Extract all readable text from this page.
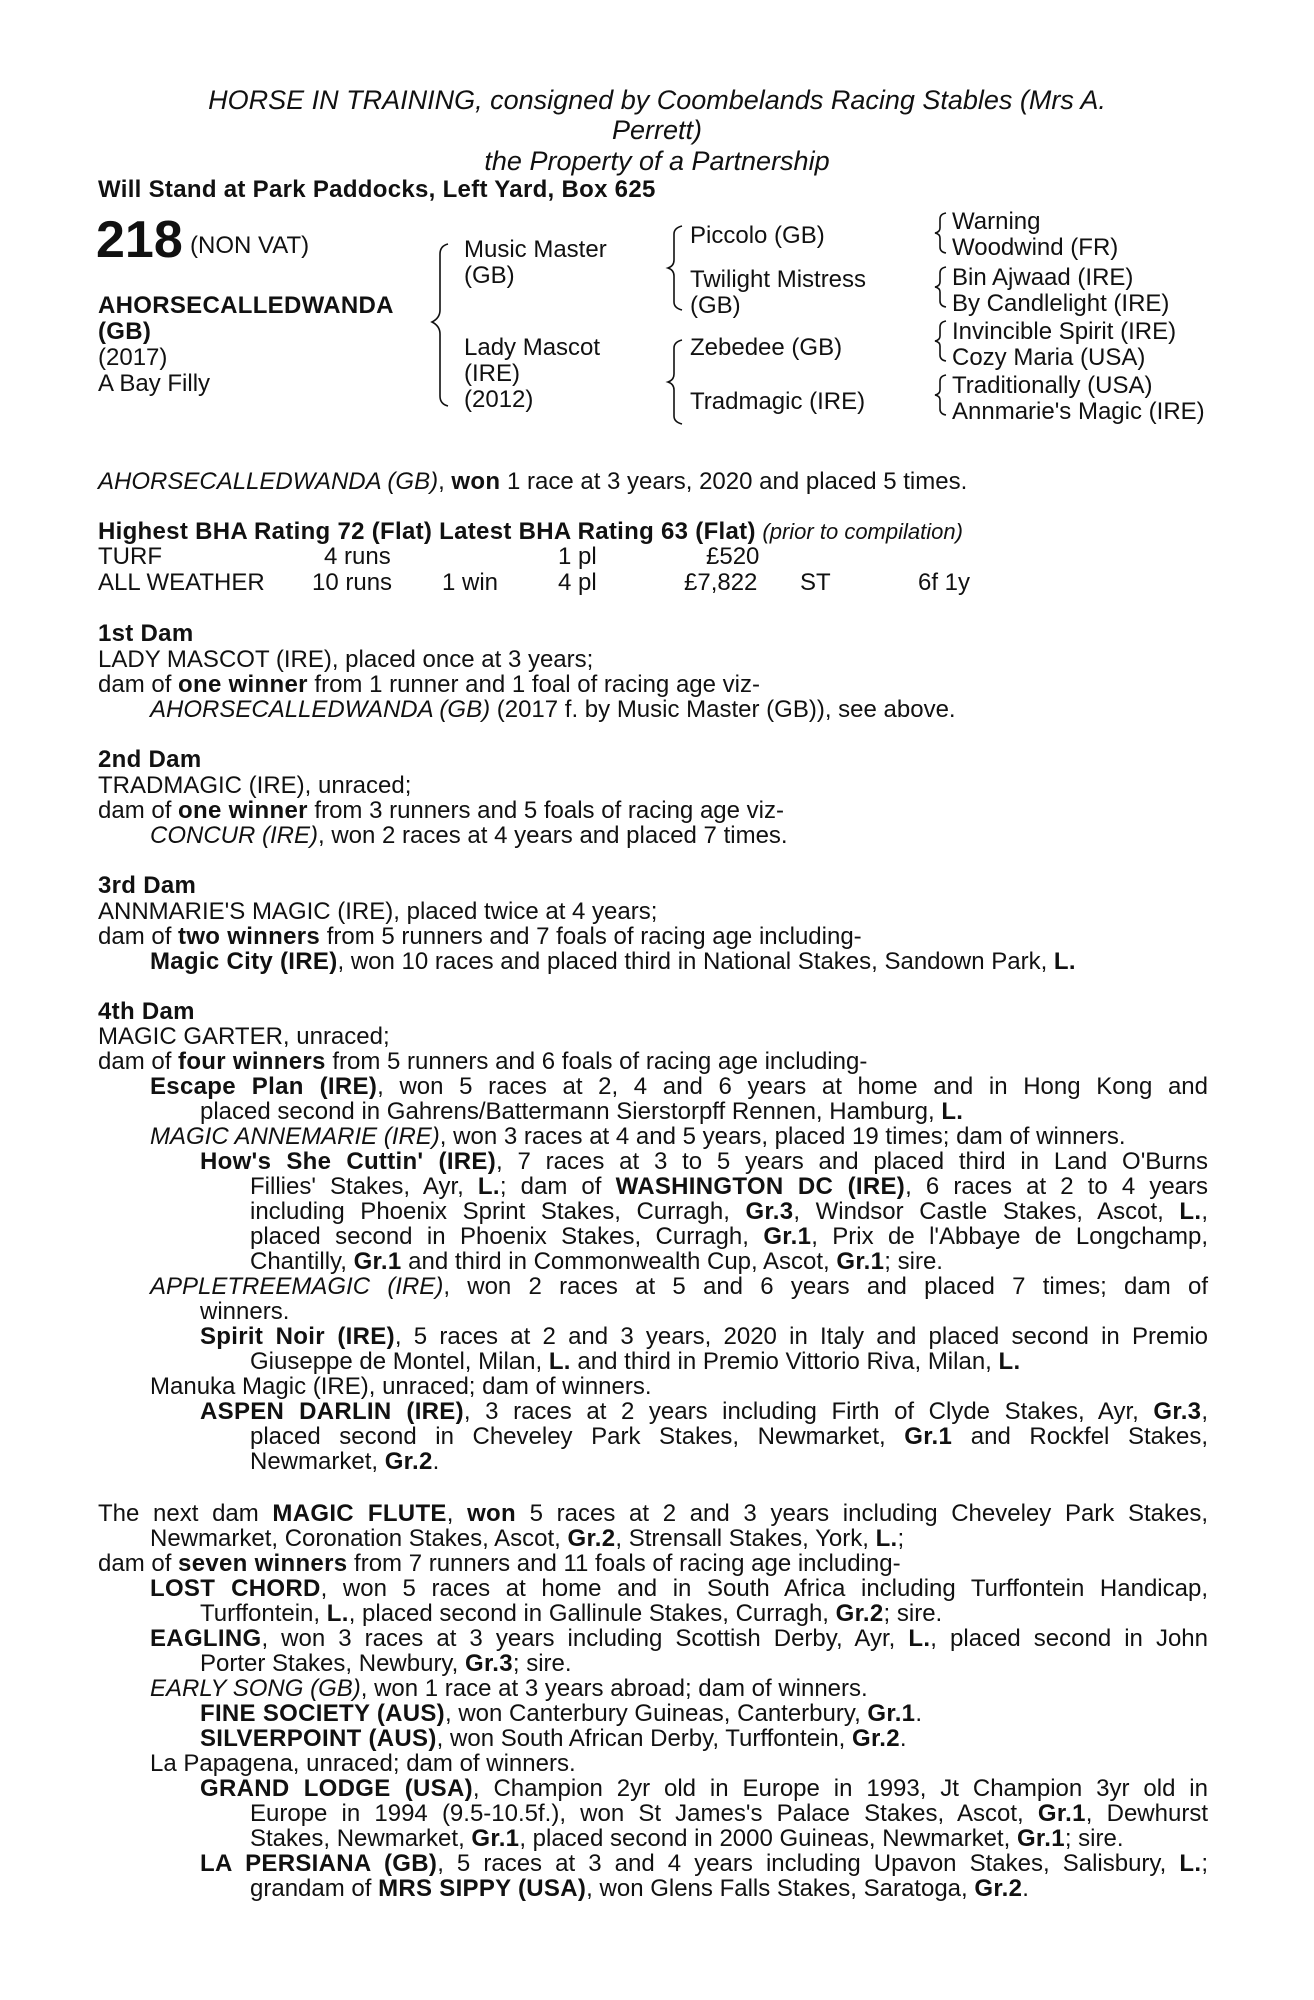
HORSE IN TRAINING, consigned by Coombelands Racing Stables (Mrs A.
Perrett)
the Property of a Partnership
Will Stand at Park Paddocks, Left Yard, Box 625
218 (NON VAT)
AHORSECALLEDWANDA
(GB)
(2017)
A Bay Filly
Music Master
(GB)
Lady Mascot
(IRE)
(2012)
Piccolo (GB)
Twilight Mistress
(GB)
Zebedee (GB)
Tradmagic (IRE)
Warning
Woodwind (FR)
Bin Ajwaad (IRE)
By Candlelight (IRE)
Invincible Spirit (IRE)
Cozy Maria (USA)
Traditionally (USA)
Annmarie's Magic (IRE)
AHORSECALLEDWANDA (GB), won 1 race at 3 years, 2020 and placed 5 times.
Highest BHA Rating 72 (Flat) Latest BHA Rating 63 (Flat) (prior to compilation)
TURF	4 runs	1 pl	£520
ALL WEATHER 10 runs 1 win 4 pl	£7,822 ST	6f 1y
1st Dam
LADY MASCOT (IRE), placed once at 3 years;
dam of one winner from 1 runner and 1 foal of racing age viz-
AHORSECALLEDWANDA (GB) (2017 f. by Music Master (GB)), see above.
2nd Dam
TRADMAGIC (IRE), unraced;
dam of one winner from 3 runners and 5 foals of racing age viz-
CONCUR (IRE), won 2 races at 4 years and placed 7 times.
3rd Dam
ANNMARIE'S MAGIC (IRE), placed twice at 4 years;
dam of two winners from 5 runners and 7 foals of racing age including-
Magic City (IRE), won 10 races and placed third in National Stakes, Sandown Park, L.
4th Dam
MAGIC GARTER, unraced;
dam of four winners from 5 runners and 6 foals of racing age including-
Escape Plan (IRE), won 5 races at 2, 4 and 6 years at home and in Hong Kong and
placed second in Gahrens/Battermann Sierstorpff Rennen, Hamburg, L.
MAGIC ANNEMARIE (IRE), won 3 races at 4 and 5 years, placed 19 times; dam of winners.
How's She Cuttin' (IRE), 7 races at 3 to 5 years and placed third in Land O'Burns
Fillies' Stakes, Ayr, L.; dam of WASHINGTON DC (IRE), 6 races at 2 to 4 years
including Phoenix Sprint Stakes, Curragh, Gr.3, Windsor Castle Stakes, Ascot, L.,
placed second in Phoenix Stakes, Curragh, Gr.1, Prix de l'Abbaye de Longchamp,
Chantilly, Gr.1 and third in Commonwealth Cup, Ascot, Gr.1; sire.
APPLETREEMAGIC (IRE), won 2 races at 5 and 6 years and placed 7 times; dam of
winners.
Spirit Noir (IRE), 5 races at 2 and 3 years, 2020 in Italy and placed second in Premio
Giuseppe de Montel, Milan, L. and third in Premio Vittorio Riva, Milan, L.
Manuka Magic (IRE), unraced; dam of winners.
ASPEN DARLIN (IRE), 3 races at 2 years including Firth of Clyde Stakes, Ayr, Gr.3,
placed second in Cheveley Park Stakes, Newmarket, Gr.1 and Rockfel Stakes,
Newmarket, Gr.2.
The next dam MAGIC FLUTE, won 5 races at 2 and 3 years including Cheveley Park Stakes,
Newmarket, Coronation Stakes, Ascot, Gr.2, Strensall Stakes, York, L.;
dam of seven winners from 7 runners and 11 foals of racing age including-
LOST CHORD, won 5 races at home and in South Africa including Turffontein Handicap,
Turffontein, L., placed second in Gallinule Stakes, Curragh, Gr.2; sire.
EAGLING, won 3 races at 3 years including Scottish Derby, Ayr, L., placed second in John
Porter Stakes, Newbury, Gr.3; sire.
EARLY SONG (GB), won 1 race at 3 years abroad; dam of winners.
FINE SOCIETY (AUS), won Canterbury Guineas, Canterbury, Gr.1.
SILVERPOINT (AUS), won South African Derby, Turffontein, Gr.2.
La Papagena, unraced; dam of winners.
GRAND LODGE (USA), Champion 2yr old in Europe in 1993, Jt Champion 3yr old in
Europe in 1994 (9.5-10.5f.), won St James's Palace Stakes, Ascot, Gr.1, Dewhurst
Stakes, Newmarket, Gr.1, placed second in 2000 Guineas, Newmarket, Gr.1; sire.
LA PERSIANA (GB), 5 races at 3 and 4 years including Upavon Stakes, Salisbury, L.;
grandam of MRS SIPPY (USA), won Glens Falls Stakes, Saratoga, Gr.2.
